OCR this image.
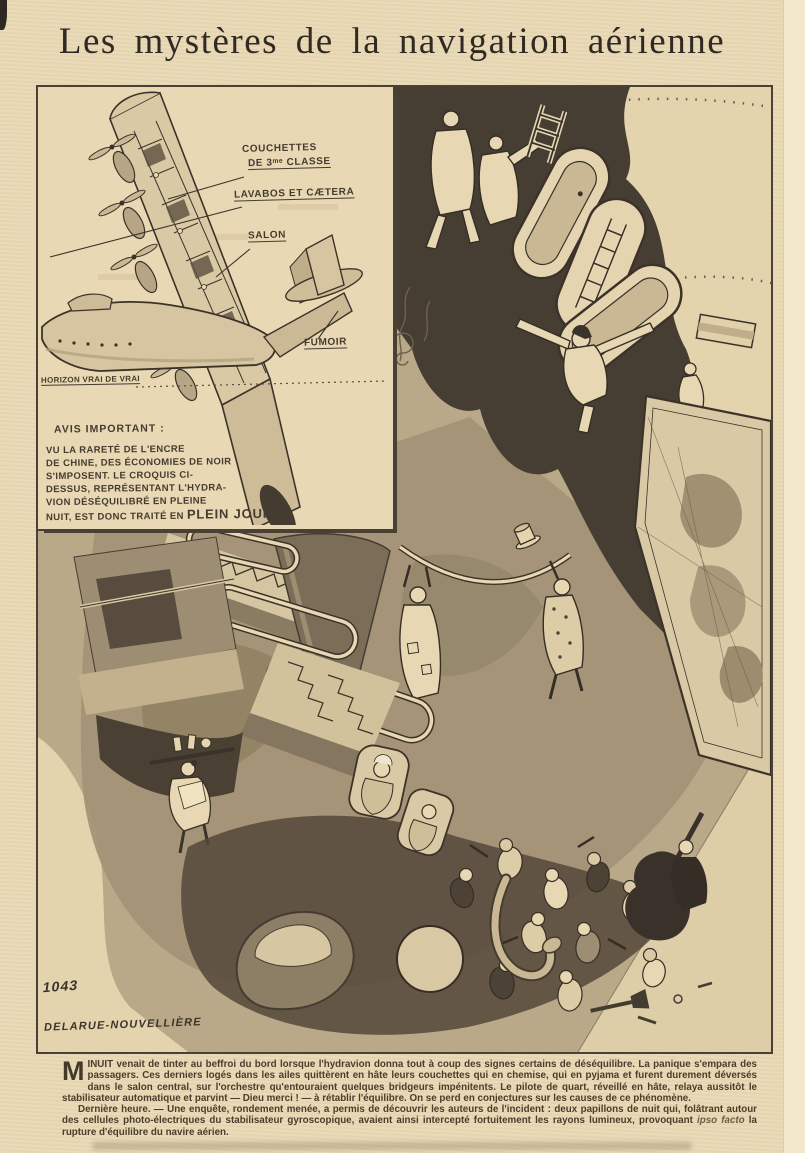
Les mystères de la navigation aérienne
COUCHETTES
DE 3ᵐᵉ CLASSE
LAVABOS ET CÆTERA
SALON
FUMOIR
HORIZON VRAI DE VRAI
AVIS IMPORTANT :
VU LA RARETÉ DE L'ENCRE
DE CHINE, DES ÉCONOMIES DE NOIR
S'IMPOSENT. LE CROQUIS CI-
DESSUS, REPRÉSENTANT L'HYDRA-
VION DÉSÉQUILIBRÉ EN PLEINE
NUIT, EST DONC TRAITÉ EN PLEIN JOUR
1043
DELARUE-NOUVELLIÈRE

MINUIT venait de tinter au beffroi du bord lorsque l'hydravion donna tout à coup des signes certains de déséquilibre. La panique s'empara des passagers. Ces derniers logés dans les ailes quittèrent en hâte leurs couchettes qui en chemise, qui en pyjama et furent durement déversés dans le salon central, sur l'orchestre qu'entouraient quelques bridgeurs impénitents. Le pilote de quart, réveillé en hâte, relaya aussitôt le stabilisateur automatique et parvint — Dieu merci ! — à rétablir l'équilibre. On se perd en conjectures sur les causes de ce phénomène.

Dernière heure. — Une enquête, rondement menée, a permis de découvrir les auteurs de l'incident : deux papillons de nuit qui, folâtrant autour des cellules photo-électriques du stabilisateur gyroscopique, avaient ainsi intercepté fortuitement les rayons lumineux, provoquant ipso facto la rupture d'équilibre du navire aérien.
